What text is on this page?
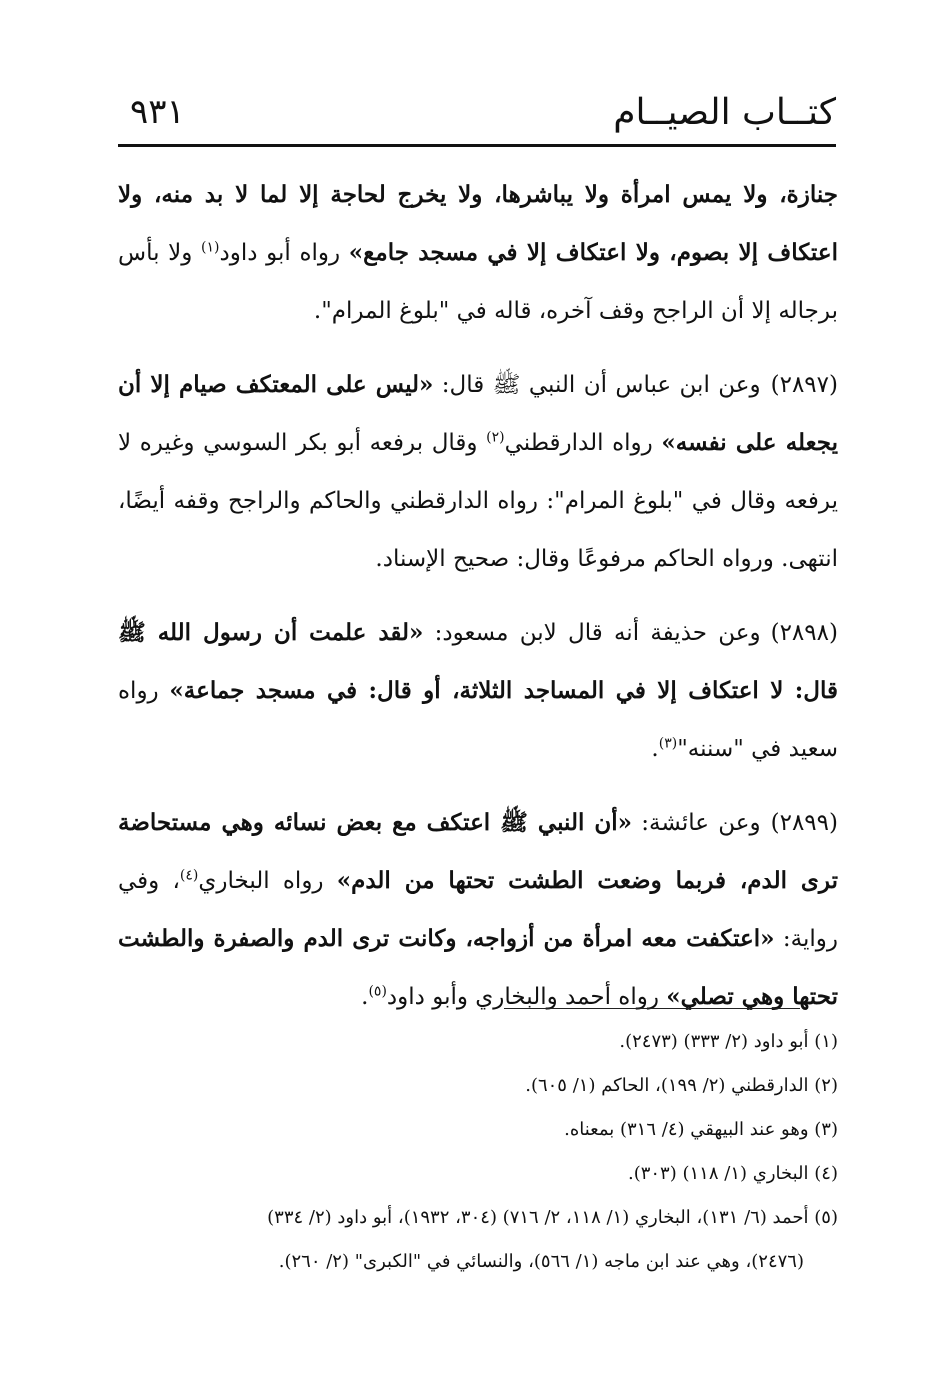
كتــاب الصيــام
٩٣١

جنازة، ولا يمس امرأة ولا يباشرها، ولا يخرج لحاجة إلا لما لا بد منه، ولا اعتكاف إلا بصوم، ولا اعتكاف إلا في مسجد جامع» رواه أبو داود$^{(١)}$ ولا بأس برجاله إلا أن الراجح وقف آخره، قاله في "بلوغ المرام".

(٢٨٩٧)وعن ابن عباس أن النبي ﷺ قال: «ليس على المعتكف صيام إلا أن يجعله على نفسه» رواه الدارقطني$^{(٢)}$ وقال برفعه أبو بكر السوسي وغيره لا يرفعه وقال في "بلوغ المرام": رواه الدارقطني والحاكم والراجح وقفه أيضًا، انتهى. ورواه الحاكم مرفوعًا وقال: صحيح الإسناد.

(٢٨٩٨)وعن حذيفة أنه قال لابن مسعود: «لقد علمت أن رسول الله ﷺ قال: لا اعتكاف إلا في المساجد الثلاثة، أو قال: في مسجد جماعة» رواه سعيد في "سننه"$^{(٣)}$.

(٢٨٩٩)وعن عائشة: «أن النبي ﷺ اعتكف مع بعض نسائه وهي مستحاضة ترى الدم، فربما وضعت الطشت تحتها من الدم» رواه البخاري$^{(٤)}$، وفي رواية: «اعتكفت معه امرأة من أزواجه، وكانت ترى الدم والصفرة والطشت تحتها وهي تصلي» رواه أحمد والبخاري وأبو داود$^{(٥)}$.

(١) أبو داود (٢/ ٣٣٣) (٢٤٧٣).
(٢) الدارقطني (٢/ ١٩٩)، الحاكم (١/ ٦٠٥).
(٣) وهو عند البيهقي (٤/ ٣١٦) بمعناه.
(٤) البخاري (١/ ١١٨) (٣٠٣).
(٥) أحمد (٦/ ١٣١)، البخاري (١/ ١١٨، ٢/ ٧١٦) (٣٠٤، ١٩٣٢)، أبو داود (٢/ ٣٣٤)
(٢٤٧٦)، وهي عند ابن ماجه (١/ ٥٦٦)، والنسائي في "الكبرى" (٢/ ٢٦٠).
